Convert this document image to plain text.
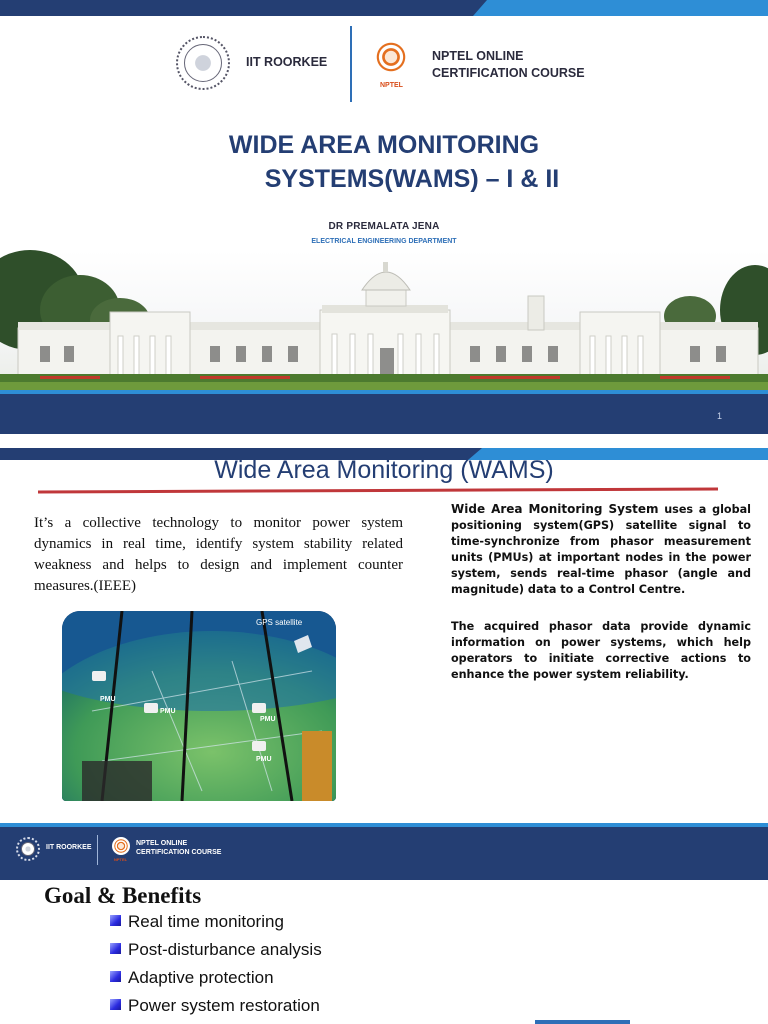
IIT ROORKEE
NPTEL
NPTEL ONLINE
CERTIFICATION COURSE
WIDE AREA MONITORING
SYSTEMS(WAMS) – I & II
DR PREMALATA JENA
ELECTRICAL ENGINEERING DEPARTMENT
1
Wide Area Monitoring (WAMS)
It’s a collective technology to monitor power system dynamics in real time, identify system stability related weakness and helps to design and implement counter measures.(IEEE)
Wide Area Monitoring System uses a global positioning system(GPS) satellite signal to time-synchronize from phasor measurement units (PMUs) at important nodes in the power system, sends real-time phasor (angle and magnitude) data to a Control Centre.
The acquired phasor data provide dynamic information on power systems, which help operators to initiate corrective actions to enhance the power system reliability.
GPS satellite
PMU
PMU
PMU
PMU
IIT ROORKEE
NPTEL
NPTEL ONLINE
CERTIFICATION COURSE
Goal & Benefits
Real time monitoring
Post-disturbance analysis
Adaptive protection
Power system restoration
